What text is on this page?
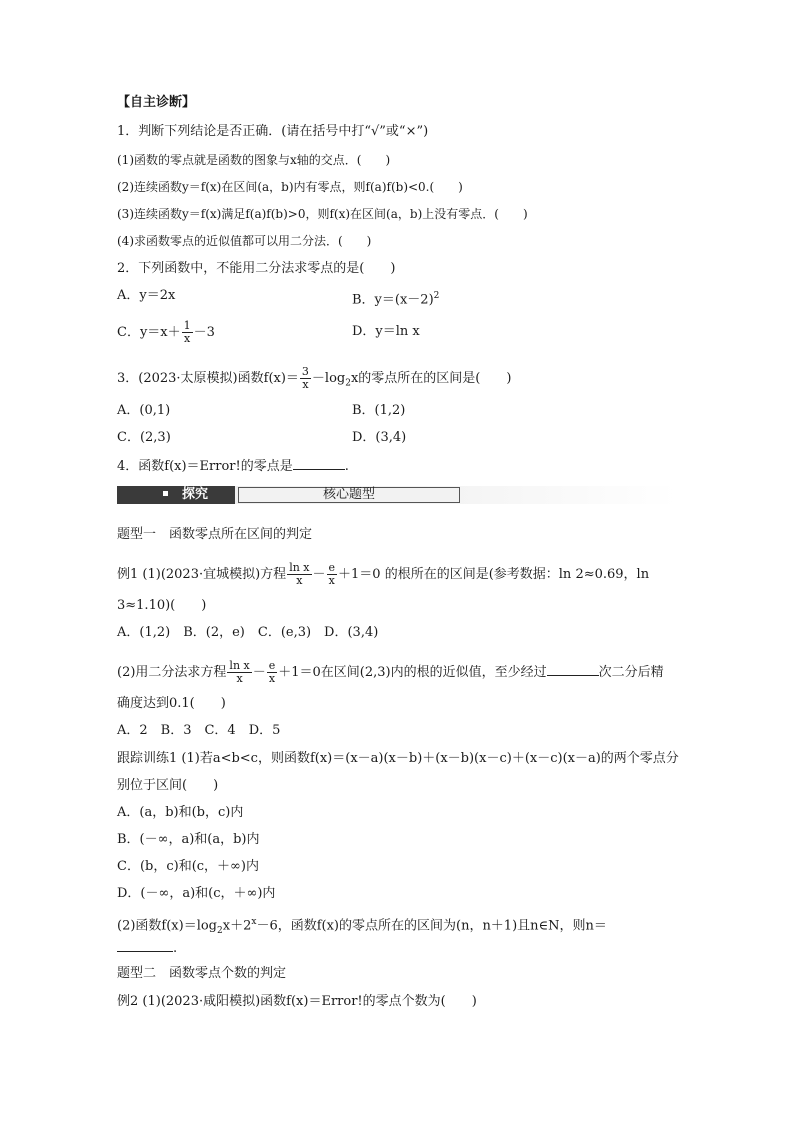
【自主诊断】
1．判断下列结论是否正确．(请在括号中打“√”或“×”)
(1)函数的零点就是函数的图象与x轴的交点．(　　)
(2)连续函数y＝f(x)在区间(a，b)内有零点，则f(a)f(b)<0.(　　)
(3)连续函数y＝f(x)满足f(a)f(b)>0，则f(x)在区间(a，b)上没有零点．(　　)
(4)求函数零点的近似值都可以用二分法．(　　)
2．下列函数中，不能用二分法求零点的是(　　)
A．y＝2x	B．$y=(x-2)^2$
C．$y=x+ \frac{1}{x} -3$	D．y＝ln x
3．(2023·太原模拟)函数$f(x)= \frac{3}{x} -\log_2x$的零点所在的区间是(　　)
A．(0,1)	B．(1,2)
C．(2,3)	D．(3,4)
4．函数f(x)＝Error!的零点是	.
探究	核心题型
题型一　函数零点所在区间的判定
例1 (1)(2023·宜城模拟)方程 $\frac{\text{ln x}}{x} - \frac{e}{x} +1=0$ 的根所在的区间是(参考数据：ln 2≈0.69，ln
3≈1.10)(　　)
A．(1,2)　B．(2，e)　C．(e,3)　D．(3,4)
(2)用二分法求方程 $\frac{\text{ln x}}{x} - \frac{e}{x} +1=0$在区间(2,3)内的根的近似值，至少经过	次二分后精
确度达到0.1(　　)
A．2　B．3　C．4　D．5
跟踪训练1 (1)若a<b<c，则函数f(x)＝(x－a)(x－b)＋(x－b)(x－c)＋(x－c)(x－a)的两个零点分
别位于区间(　　)
A．(a，b)和(b，c)内
B．(－∞，a)和(a，b)内
C．(b，c)和(c，＋∞)内
D．(－∞，a)和(c，＋∞)内
(2)函数$f(x)=\log_2x+2^x-6$，函数f(x)的零点所在的区间为(n，n＋1)且n∈N，则n＝
.
题型二　函数零点个数的判定
例2 (1)(2023·咸阳模拟)函数f(x)＝Error!的零点个数为(　　)
